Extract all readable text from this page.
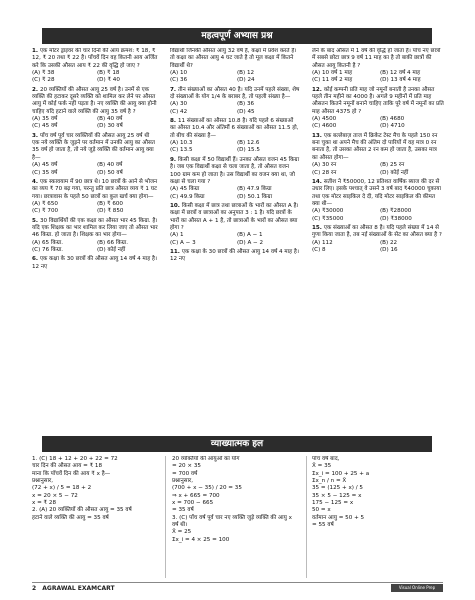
महत्वपूर्ण अभ्यास प्रश्न
1. एक मोटर ड्राइवर की चार दिनों की आय क्रमश: ₹ 18, ₹ 12, ₹ 20 तथा ₹ 22 है। पाँचवें दिन वह कितनी आय अर्जित करे कि उसकी औसत आय ₹ 22 की वृद्धि हो जाए ?
(A) ₹ 38	(B) ₹ 18
(C) ₹ 28	(D) ₹ 40
2. 20 व्यक्तियों की औसत आयु 25 वर्ष है। उनमें से एक व्यक्ति की हटाकर दूसरे व्यक्ति को शामिल कर लेने पर औसत आयु में कोई फर्क नहीं पड़ता है। नए व्यक्ति की आयु क्या होनी चाहिए यदि हटाने वाले व्यक्ति की आयु 35 वर्ष है ?
(A) 35 वर्ष	(B) 40 वर्ष
(C) 45 वर्ष	(D) 30 वर्ष
3. पाँच वर्ष पूर्व चार व्यक्तियों की औसत आयु 25 वर्ष थी एक नये व्यक्ति के जुड़ने पर वर्तमान में उनकी आयु का औसत 35 वर्ष हो जाता है, तो नये जुड़े व्यक्ति की वर्तमान आयु क्या है—
(A) 45 वर्ष	(B) 40 वर्ष
(C) 35 वर्ष	(D) 50 वर्ष
4. एक स्कावयाम में 90 छात्र थे। 10 छात्रों के आने से भोजन का व्यय ₹ 70 बढ़ गया, परन्तु प्रति छात्र औसत व्यय ₹ 1 घट गया। छात्रावास के पहले 50 छात्रों का कुल खर्च क्या होगा—
(A) ₹ 650	(B) ₹ 600
(C) ₹ 700	(D) ₹ 850
5. 30 विद्यार्थियों की एक कक्षा का औसत भार 45 किग्रा. है। यदि एक शिक्षक का भार शामिल कर लिया जाए तो औसत भार 46 किग्रा. हो जाता है। शिक्षक का भार होगा—
(A) 65 किग्रा.	(B) 66 किग्रा.
(C) 76 किग्रा.	(D) कोई नहीं
6. एक कक्षा के 30 छात्रों की औसत आयु 14 वर्ष 4 माह है। 12 नए
विद्यार्थी जिनकी औसत आयु 32 वर्ष है, कक्षा में प्रवेश करते हैं। तो कक्षा का औसत आयु 4 घट जाते है तो मूल कक्षा में कितने विद्यार्थी थे?
(A) 10	(B) 12
(C) 36	(D) 24
7. तीन संख्याओं का औसत 40 है। यदि उनमें पहले संख्या, शेष दो संख्याओं के योग 1/4 के बराबर है, तो पहली संख्या है—
(A) 30	(B) 36
(C) 42	(D) 45
8. 11 संख्याओं का औसत 10.8 है। यदि पहले 6 संख्याओं का औसत 10.4 और अंतिमौं 6 संख्याओं का औसत 11.5 हो, तो बीच की संख्या है—
(A) 10.3	(B) 12.6
(C) 13.5	(D) 15.5
9. किसी कक्षा में 50 विद्यार्थी हैं। उनका औसत वजन 45 किग्रा है। जब एक विद्यार्थी कक्षा से चला जाता है, तो औसत वजन 100 ग्राम कम हो जाता है। उस विद्यार्थी का वजन क्या था, जो कक्षा से चला गया ?
(A) 45 किग्रा	(B) 47.9 किग्रा
(C) 49.9 किग्रा	(D) 50.1 किग्रा
10. किसी कक्षा में छात्र तथा छात्राओं के भारों का औसत A है। कक्षा में छात्रों व छात्राओं का अनुपात 3 : 1 है। यदि छात्रों के भारों का औसत A + 1 है, तो छात्राओं के भारों का औसत क्या होगा ?
(A) 1	(B) A − 1
(C) A − 3	(D) A − 2
11. एक कक्षा के 30 छात्रों की औसत आयु 14 वर्ष 4 माह है। 12 नए
लेने के बाद औसत में 1 वर्ष की वृद्धि हो जाता है। पाँच नए छात्रों में सबसे छोटा छात्र 9 वर्ष 11 माह का है तो बाकी छात्रों की औसत आयु कितनी है ?
(A) 10 वर्ष 1 माह	(B) 12 वर्ष 4 माह
(C) 11 वर्ष 2 माह	(D) 13 वर्ष 4 माह
12. कोई कम्पनी प्रति माह जो नमूनों बनाती है उनका औसत पहले तीन महीने का 4000 है। अगले 9 महीनों में प्रति माह औसतन कितने नमूनों बनाने चाहिए ताकि पूरे वर्ष में नमूनों का प्रति माह औसत 4375 हो ?
(A) 4500	(B) 4680
(C) 4600	(D) 4710
13. एक बल्लेबाज़ ताज में क्रिकेट टेस्ट मैच के पहले 150 रन बना चुका था अपने मैच की अंतिम दो पारियों में वह मात्र 0 रन बनाता है, तो उसका औसत 2 रन कम हो जाता है, उसका मात्र का औसत होगा—
(A) 30 रन	(B) 25 रन
(C) 28 रन	(D) कोई नहीं
14. सतीश ने ₹50000, 12 प्रतिशत वार्षिक ब्याज की दर से उधार लिए। इसके पश्चात् वे उसने 3 वर्ष बाद ₹40000 चुकाया तथा एक मोटर साइकिल दे दी, यदि मोटर साइकिल की कीमत क्या थी—
(A) ₹30000	(B) ₹28000
(C) ₹35000	(D) ₹38000
15. एक संख्याओं का औसत 8 है। यदि पहले संख्या में 14 से गुणा किया जाता है, तब नई संख्याओं के सेट का औसत क्या है ?
(A) 112	(B) 22
(C) 8	(D) 16
व्याख्यात्मक हल
1. (C) 18 + 12 + 20 + 22 = 72
चार दिन की औसत आय = ₹ 18
माना कि पाँचवें दिन की आय ₹ x है—
प्रश्नानुसार,
(72 + x) / 5 = 18 + 2
x = 20 × 5 − 72
x = ₹ 28
2. (A) 20 व्यक्तियों की औसत आयु = 35 वर्ष
हटाने वाले व्यक्ति की आयु = 35 वर्ष
20 व्यक्तियों की आयुओं का योग
= 20 × 35
= 700 वर्ष
प्रश्नानुसार,
(700 + x − 35) / 20 = 35
⇒ x + 665 = 700
x = 700 − 665
= 35 वर्ष
3. (C) पाँच वर्ष पूर्व चार नए व्यक्ति जुड़े व्यक्ति की आयु x वर्ष थी।
X̄ = 25
Σx_i = 4 × 25 = 100
पाँच वर्ष बाद,
X̄ = 35
Σx_i = 100 + 25 + a
Σx_n / n = X̄
35 = (125 + x) / 5
35 × 5 − 125 = x
175 − 125 = x
50 = x
वर्तमान आयु = 50 + 5
= 55 वर्ष
2 AGRAWAL EXAMCART	Visual Online Prep
